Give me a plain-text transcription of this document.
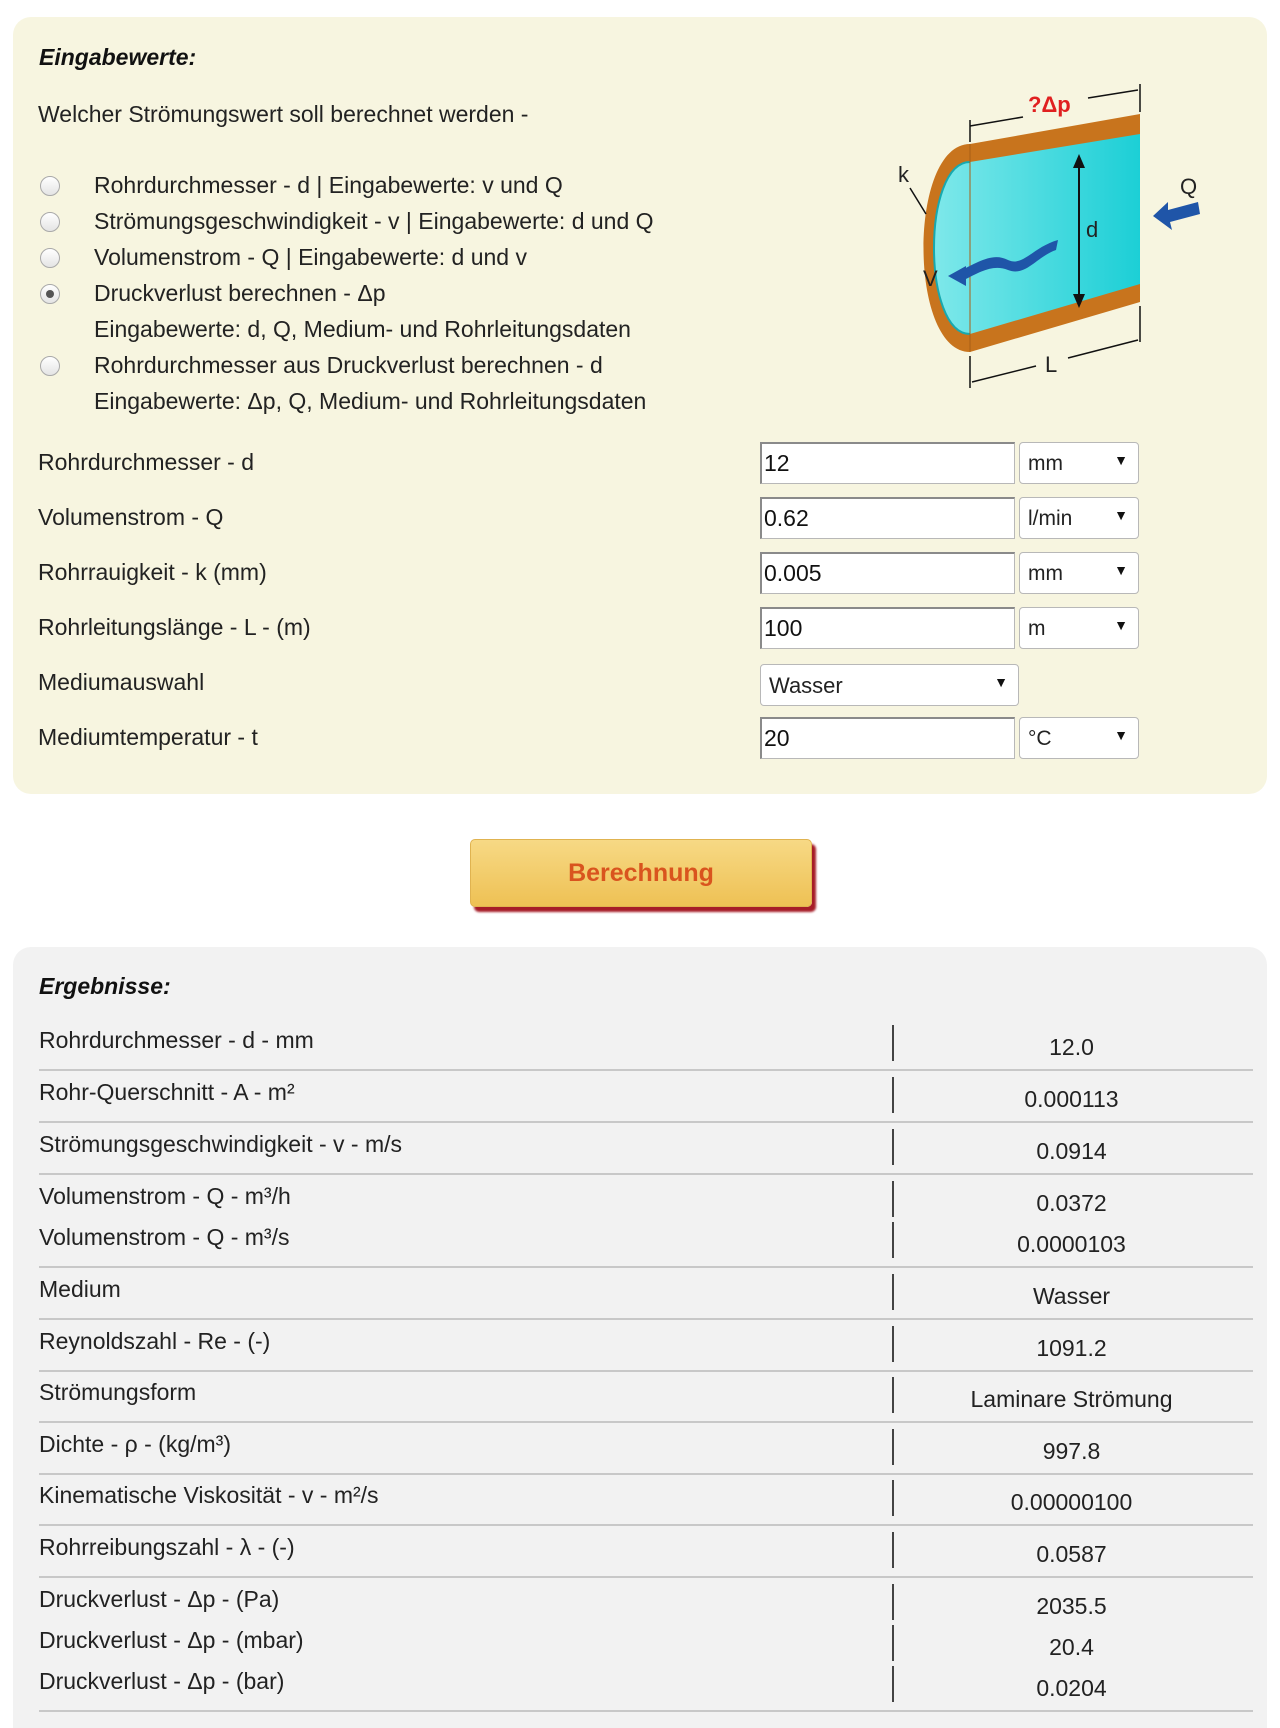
Eingabewerte:
Welcher Strömungswert soll berechnet werden -
Rohrdurchmesser - d | Eingabewerte: v und Q
Strömungsgeschwindigkeit - v | Eingabewerte: d und Q
Volumenstrom - Q | Eingabewerte: d und v
Druckverlust berechnen - Δp
Eingabewerte: d, Q, Medium- und Rohrleitungsdaten
Rohrdurchmesser aus Druckverlust berechnen - d
Eingabewerte: Δp, Q, Medium- und Rohrleitungsdaten
?Δp
d
V
k	Q
L
Rohrdurchmesser - d
12	mm	▼
Volumenstrom - Q
0.62	l/min	▼
Rohrrauigkeit - k (mm)
0.005	mm	▼
Rohrleitungslänge - L - (m)
100	m	▼
Mediumauswahl	Wasser	▼
Mediumtemperatur - t
20	°C	▼
Berechnung
Ergebnisse:
Rohrdurchmesser - d - mm	12.0
Rohr-Querschnitt - A - m²	0.000113
Strömungsgeschwindigkeit - v - m/s	0.0914
Volumenstrom - Q - m³/h	0.0372
Volumenstrom - Q - m³/s	0.0000103
Medium	Wasser
Reynoldszahl - Re - (-)	1091.2
Strömungsform	Laminare Strömung
Dichte - ρ - (kg/m³)	997.8
Kinematische Viskosität - v - m²/s	0.00000100
Rohrreibungszahl - λ - (-)	0.0587
Druckverlust - Δp - (Pa)	2035.5
Druckverlust - Δp - (mbar)	20.4
Druckverlust - Δp - (bar)	0.0204
